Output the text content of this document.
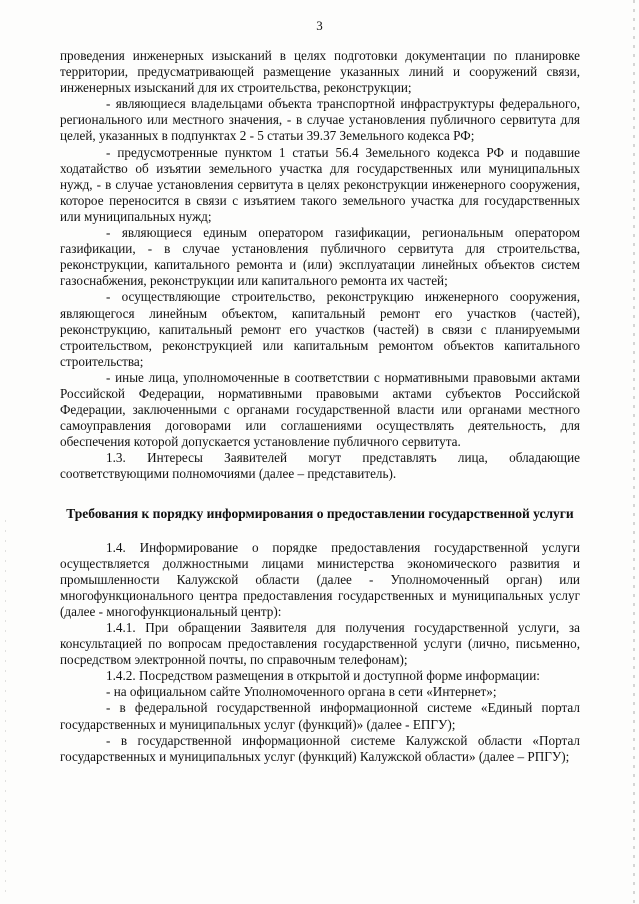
3

проведения инженерных изысканий в целях подготовки документации по планировке территории, предусматривающей размещение указанных линий и сооружений связи, инженерных изысканий для их строительства, реконструкции;

- являющиеся владельцами объекта транспортной инфраструктуры федерального, регионального или местного значения, - в случае установления публичного сервитута для целей, указанных в подпунктах 2 - 5 статьи 39.37 Земельного кодекса РФ;

- предусмотренные пунктом 1 статьи 56.4 Земельного кодекса РФ и подавшие ходатайство об изъятии земельного участка для государственных или муниципальных нужд, - в случае установления сервитута в целях реконструкции инженерного сооружения, которое переносится в связи с изъятием такого земельного участка для государственных или муниципальных нужд;

- являющиеся единым оператором газификации, региональным оператором газификации, - в случае установления публичного сервитута для строительства, реконструкции, капитального ремонта и (или) эксплуатации линейных объектов систем газоснабжения, реконструкции или капитального ремонта их частей;

- осуществляющие строительство, реконструкцию инженерного сооружения, являющегося линейным объектом, капитальный ремонт его участков (частей), реконструкцию, капитальный ремонт его участков (частей) в связи с планируемыми строительством, реконструкцией или капитальным ремонтом объектов капитального строительства;

- иные лица, уполномоченные в соответствии с нормативными правовыми актами Российской Федерации, нормативными правовыми актами субъектов Российской Федерации, заключенными с органами государственной власти или органами местного самоуправления договорами или соглашениями осуществлять деятельность, для обеспечения которой допускается установление публичного сервитута.

1.3. Интересы Заявителей могут представлять лица, обладающие соответствующими полномочиями (далее – представитель).

Требования к порядку информирования о предоставлении государственной услуги

1.4. Информирование о порядке предоставления государственной услуги осуществляется должностными лицами министерства экономического развития и промышленности Калужской области (далее - Уполномоченный орган) или многофункционального центра предоставления государственных и муниципальных услуг (далее - многофункциональный центр):

1.4.1. При обращении Заявителя для получения государственной услуги, за консультацией по вопросам предоставления государственной услуги (лично, письменно, посредством электронной почты, по справочным телефонам);

1.4.2. Посредством размещения в открытой и доступной форме информации:

- на официальном сайте Уполномоченного органа в сети «Интернет»;

- в федеральной государственной информационной системе «Единый портал государственных и муниципальных услуг (функций)» (далее - ЕПГУ);

- в государственной информационной системе Калужской области «Портал государственных и муниципальных услуг (функций) Калужской области» (далее – РПГУ);
